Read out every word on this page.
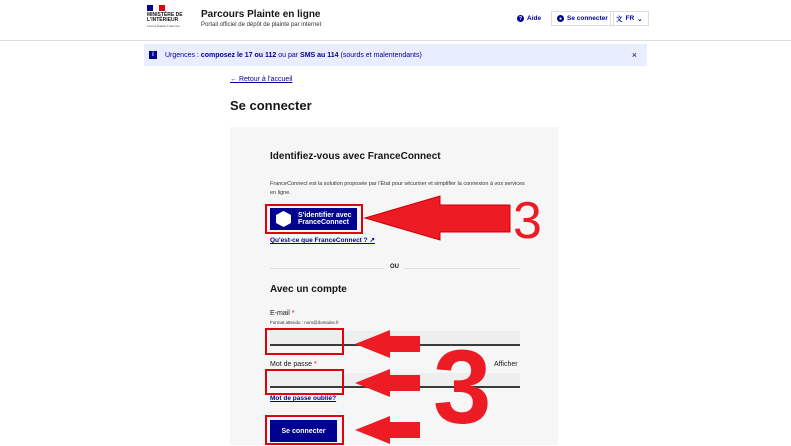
MINISTÈRE DE L'INTÉRIEUR
Liberté Égalité Fraternité
Parcours Plainte en ligne
Portail officiel de dépôt de plainte par internet
? Aide	● Se connecter 文 FR ⌄
i	Urgences : composez le 17 ou 112 ou par SMS au 114 (sourds et malentendants)	×
← Retour à l'accueil
Se connecter
Identifiez-vous avec FranceConnect
FranceConnect est la solution proposée par l'État pour sécuriser et simplifier la connexion à vos services en ligne.
S'identifier avec
FranceConnect
Qu'est-ce que FranceConnect ? ↗
OU
Avec un compte
E-mail *
Format attendu : nom@domaine.fr
Mot de passe *	Afficher
Mot de passe oublié?
Se connecter
3
3
